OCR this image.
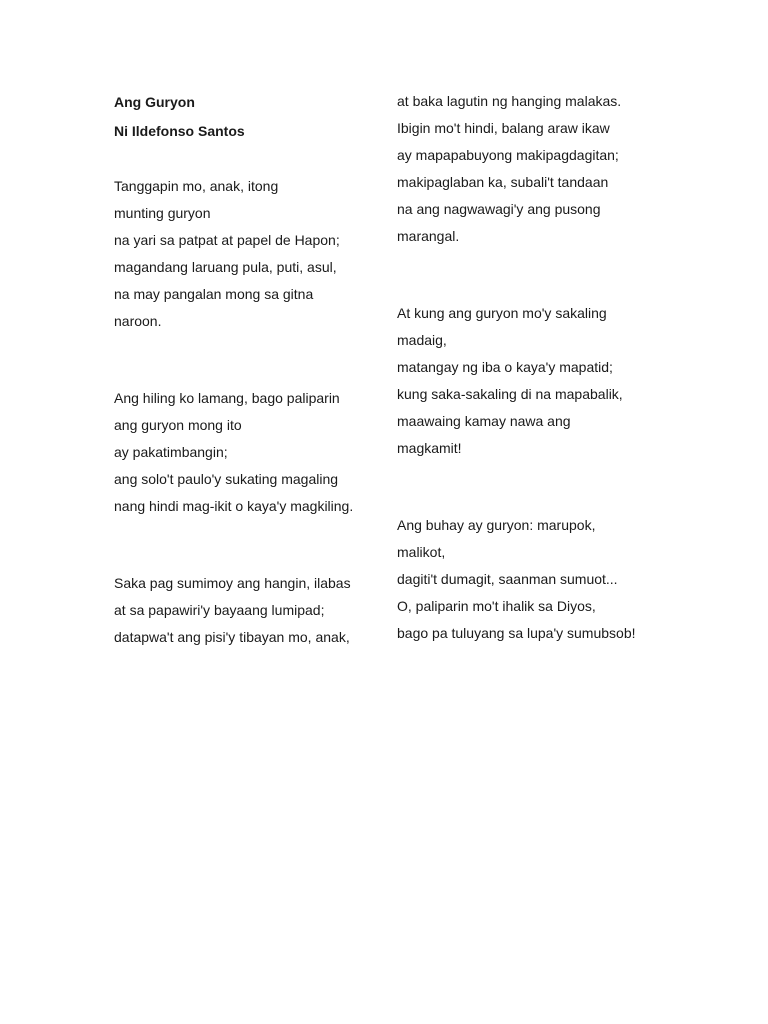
Ang Guryon
Ni Ildefonso Santos
Tanggapin mo, anak, itong
munting guryon
na yari sa patpat at papel de Hapon;
magandang laruang pula, puti, asul,
na may pangalan mong sa gitna
naroon.
Ang hiling ko lamang, bago paliparin
ang guryon mong ito
ay pakatimbangin;
ang solo't paulo'y sukating magaling
nang hindi mag-ikit o kaya'y magkiling.
Saka pag sumimoy ang hangin, ilabas
at sa papawiri'y bayaang lumipad;
datapwa't ang pisi'y tibayan mo, anak,
at baka lagutin ng hanging malakas.
Ibigin mo't hindi, balang araw ikaw
ay mapapabuyong makipagdagitan;
makipaglaban ka, subali't tandaan
na ang nagwawagi'y ang pusong
marangal.
At kung ang guryon mo'y sakaling
madaig,
matangay ng iba o kaya'y mapatid;
kung saka-sakaling di na mapabalik,
maawaing kamay nawa ang
magkamit!
Ang buhay ay guryon: marupok,
malikot,
dagiti't dumagit, saanman sumuot...
O, paliparin mo't ihalik sa Diyos,
bago pa tuluyang sa lupa'y sumubsob!
